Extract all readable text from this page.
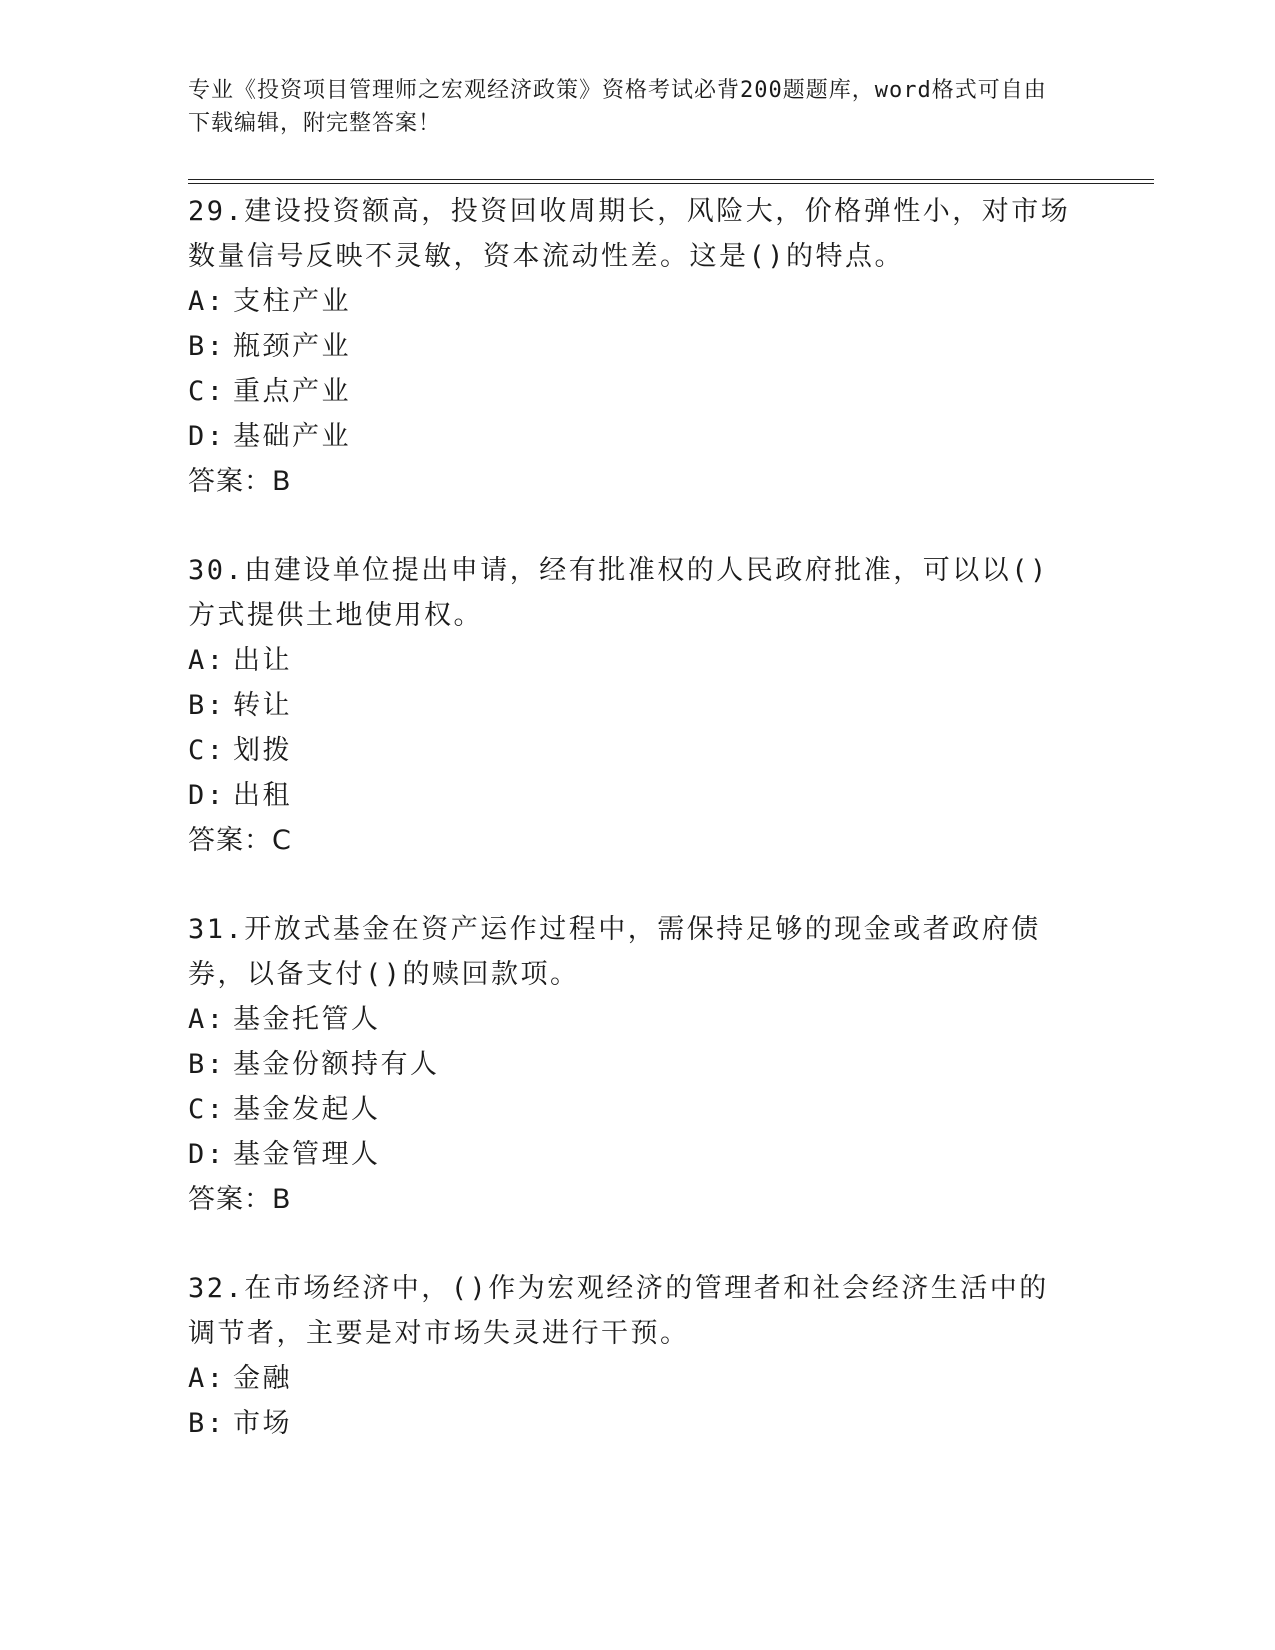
专业《投资项目管理师之宏观经济政策》资格考试必背200题题库，word格式可自由下载编辑，附完整答案！

29.建设投资额高，投资回收周期长，风险大，价格弹性小，对市场数量信号反映不灵敏，资本流动性差。这是()的特点。

A: 支柱产业

B: 瓶颈产业

C: 重点产业

D: 基础产业

答案：B

30.由建设单位提出申请，经有批准权的人民政府批准，可以以()方式提供土地使用权。

A: 出让

B: 转让

C: 划拨

D: 出租

答案：C

31.开放式基金在资产运作过程中，需保持足够的现金或者政府债券，以备支付()的赎回款项。

A: 基金托管人

B: 基金份额持有人

C: 基金发起人

D: 基金管理人

答案：B

32.在市场经济中，()作为宏观经济的管理者和社会经济生活中的调节者，主要是对市场失灵进行干预。

A: 金融

B: 市场
